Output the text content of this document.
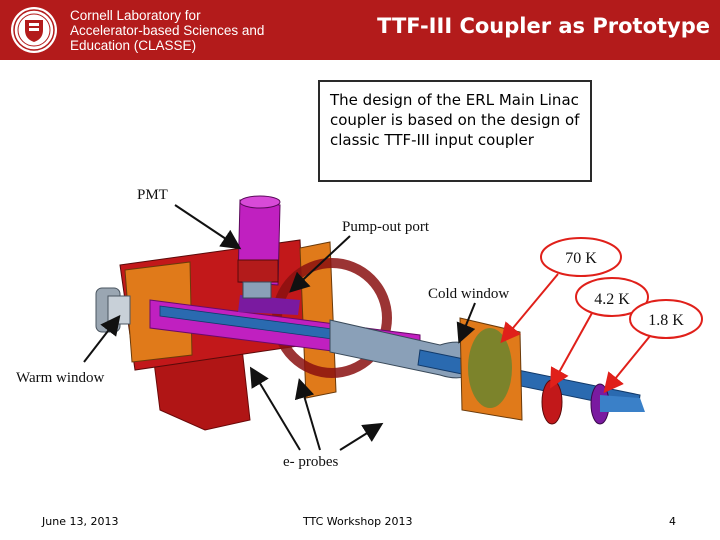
Cornell Laboratory for
Accelerator-based Sciences and
Education (CLASSE)
TTF-III Coupler as Prototype
The design of the ERL Main Linac coupler is based on the design of classic TTF-III input coupler
PMT
Pump-out port
Cold window
Warm window
e- probes
70 K
4.2 K
1.8 K
June 13, 2013	TTC Workshop 2013	4
